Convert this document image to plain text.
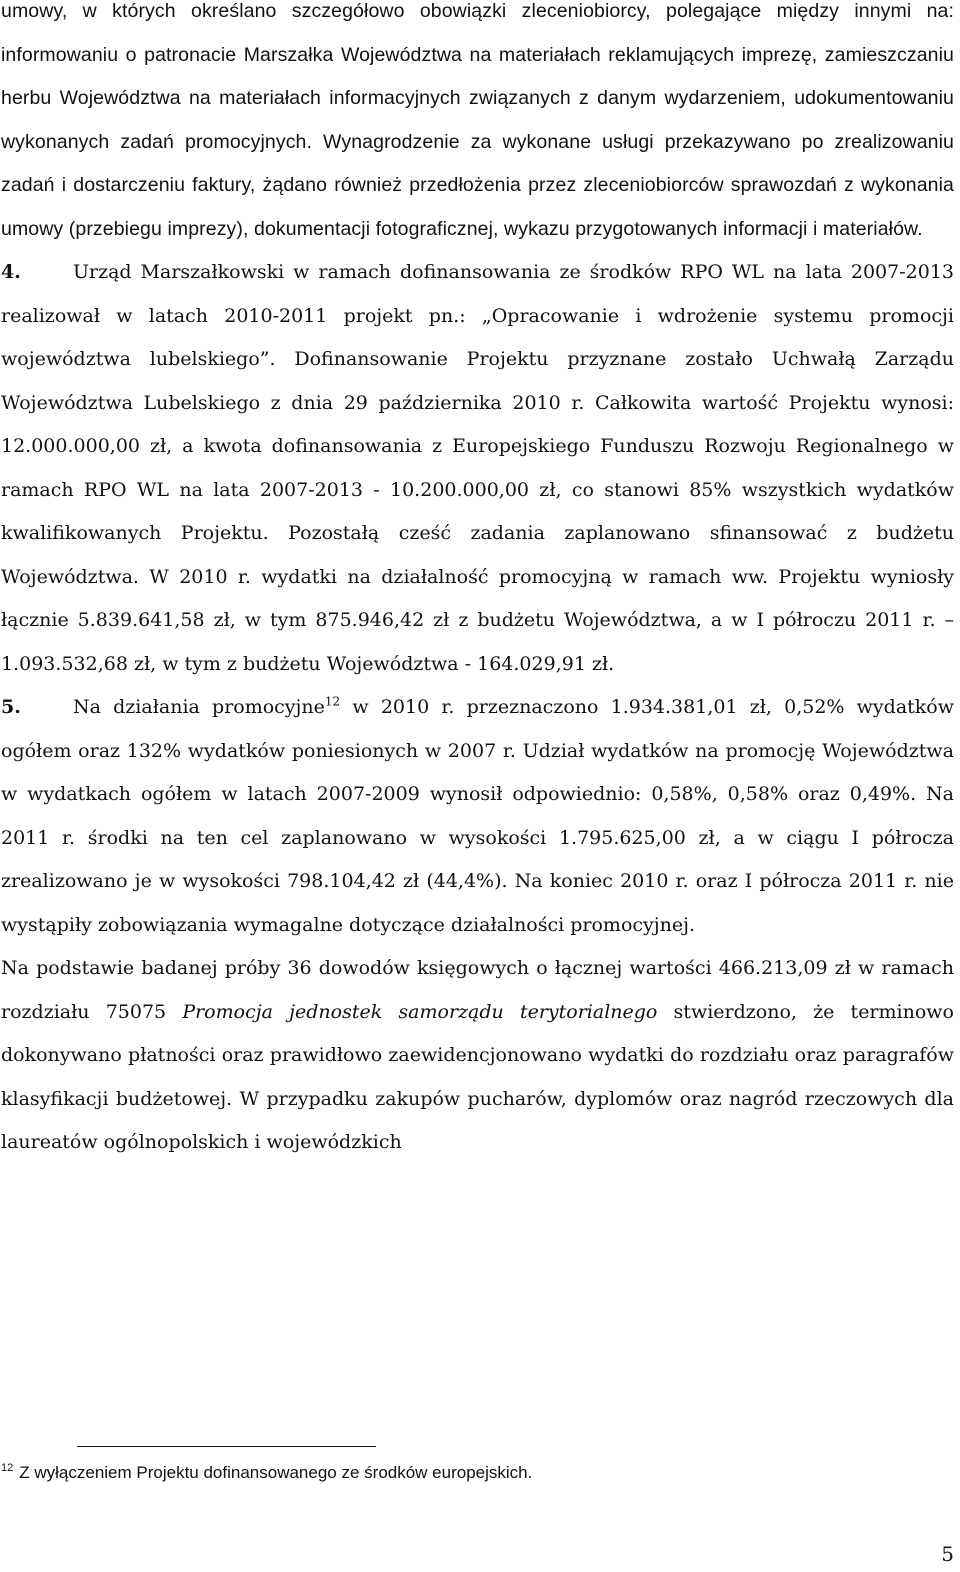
umowy, w których określano szczegółowo obowiązki zleceniobiorcy, polegające między innymi na: informowaniu o patronacie Marszałka Województwa na materiałach reklamujących imprezę, zamieszczaniu herbu Województwa na materiałach informacyjnych związanych z danym wydarzeniem, udokumentowaniu wykonanych zadań promocyjnych. Wynagrodzenie za wykonane usługi przekazywano po zrealizowaniu zadań i dostarczeniu faktury, żądano również przedłożenia przez zleceniobiorców sprawozdań z wykonania umowy (przebiegu imprezy), dokumentacji fotograficznej, wykazu przygotowanych informacji i materiałów.

4.	Urząd Marszałkowski w ramach dofinansowania ze środków RPO WL na lata 2007-2013 realizował w latach 2010-2011 projekt pn.: „Opracowanie i wdrożenie systemu promocji województwa lubelskiego”. Dofinansowanie Projektu przyznane zostało Uchwałą Zarządu Województwa Lubelskiego z dnia 29 października 2010 r. Całkowita wartość Projektu wynosi: 12.000.000,00 zł, a kwota dofinansowania z Europejskiego Funduszu Rozwoju Regionalnego w ramach RPO WL na lata 2007-2013 - 10.200.000,00 zł, co stanowi 85% wszystkich wydatków kwalifikowanych Projektu. Pozostałą cześć zadania zaplanowano sfinansować z budżetu Województwa. W 2010 r. wydatki na działalność promocyjną w ramach ww. Projektu wyniosły łącznie 5.839.641,58 zł, w tym 875.946,42 zł z budżetu Województwa, a w I półroczu 2011 r. – 1.093.532,68 zł, w tym z budżetu Województwa - 164.029,91 zł.

5.	Na działania promocyjne$^{12}$ w 2010 r. przeznaczono 1.934.381,01 zł, 0,52% wydatków ogółem oraz 132% wydatków poniesionych w 2007 r. Udział wydatków na promocję Województwa w wydatkach ogółem w latach 2007-2009 wynosił odpowiednio: 0,58%, 0,58% oraz 0,49%. Na 2011 r. środki na ten cel zaplanowano w wysokości 1.795.625,00 zł, a w ciągu I półrocza zrealizowano je w wysokości 798.104,42 zł (44,4%). Na koniec 2010 r. oraz I półrocza 2011 r. nie wystąpiły zobowiązania wymagalne dotyczące działalności promocyjnej.

Na podstawie badanej próby 36 dowodów księgowych o łącznej wartości 466.213,09 zł w ramach rozdziału 75075 Promocja jednostek samorządu terytorialnego stwierdzono, że terminowo dokonywano płatności oraz prawidłowo zaewidencjonowano wydatki do rozdziału oraz paragrafów klasyfikacji budżetowej. W przypadku zakupów pucharów, dyplomów oraz nagród rzeczowych dla laureatów ogólnopolskich i wojewódzkich

$^{12}$ Z wyłączeniem Projektu dofinansowanego ze środków europejskich.
5
